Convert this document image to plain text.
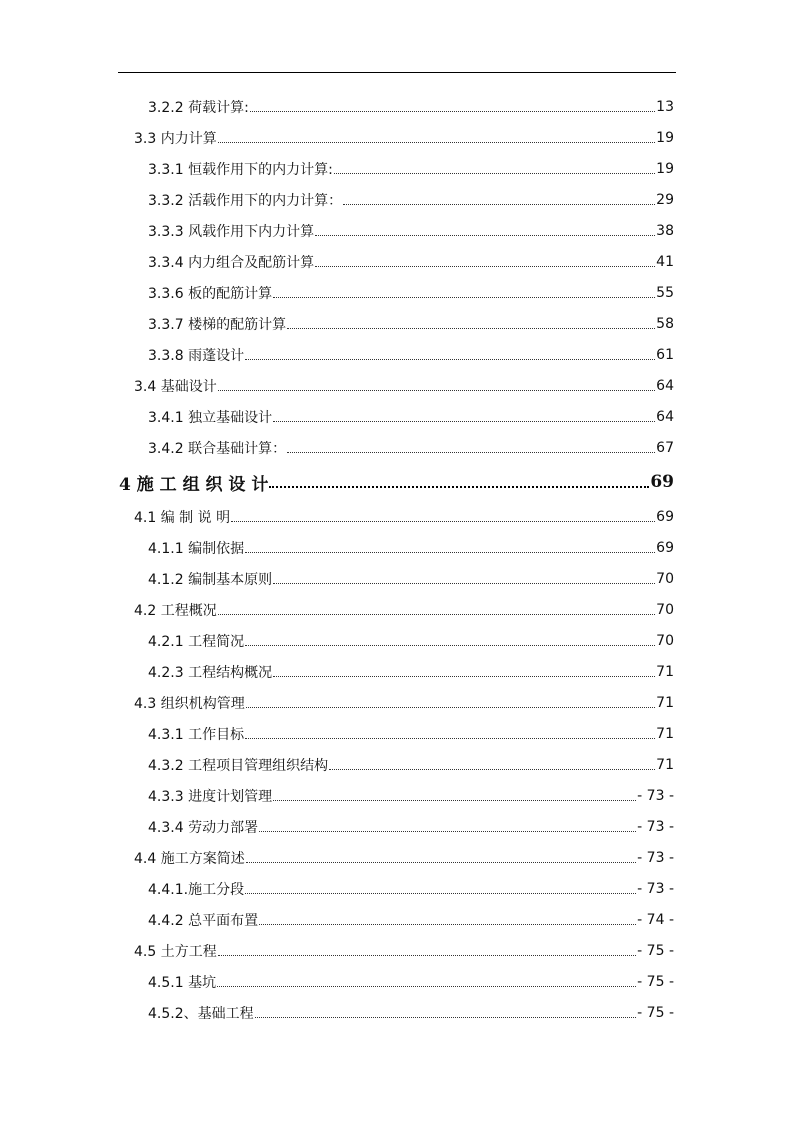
3.2.2 荷载计算:	13
3.3 内力计算	19
3.3.1 恒载作用下的内力计算:	19
3.3.2 活载作用下的内力计算：	29
3.3.3 风载作用下内力计算	38
3.3.4 内力组合及配筋计算	41
3.3.6 板的配筋计算	55
3.3.7 楼梯的配筋计算	58
3.3.8 雨蓬设计	61
3.4 基础设计	64
3.4.1 独立基础设计	64
3.4.2 联合基础计算：	67
4 施 工 组 织 设 计	69
4.1 编 制 说 明	69
4.1.1 编制依据	69
4.1.2 编制基本原则	70
4.2 工程概况	70
4.2.1 工程简况	70
4.2.3 工程结构概况	71
4.3 组织机构管理	71
4.3.1 工作目标	71
4.3.2 工程项目管理组织结构	71
4.3.3 进度计划管理	- 73 -
4.3.4 劳动力部署	- 73 -
4.4 施工方案简述	- 73 -
4.4.1.施工分段	- 73 -
4.4.2 总平面布置	- 74 -
4.5 土方工程	- 75 -
4.5.1 基坑	- 75 -
4.5.2、基础工程	- 75 -
